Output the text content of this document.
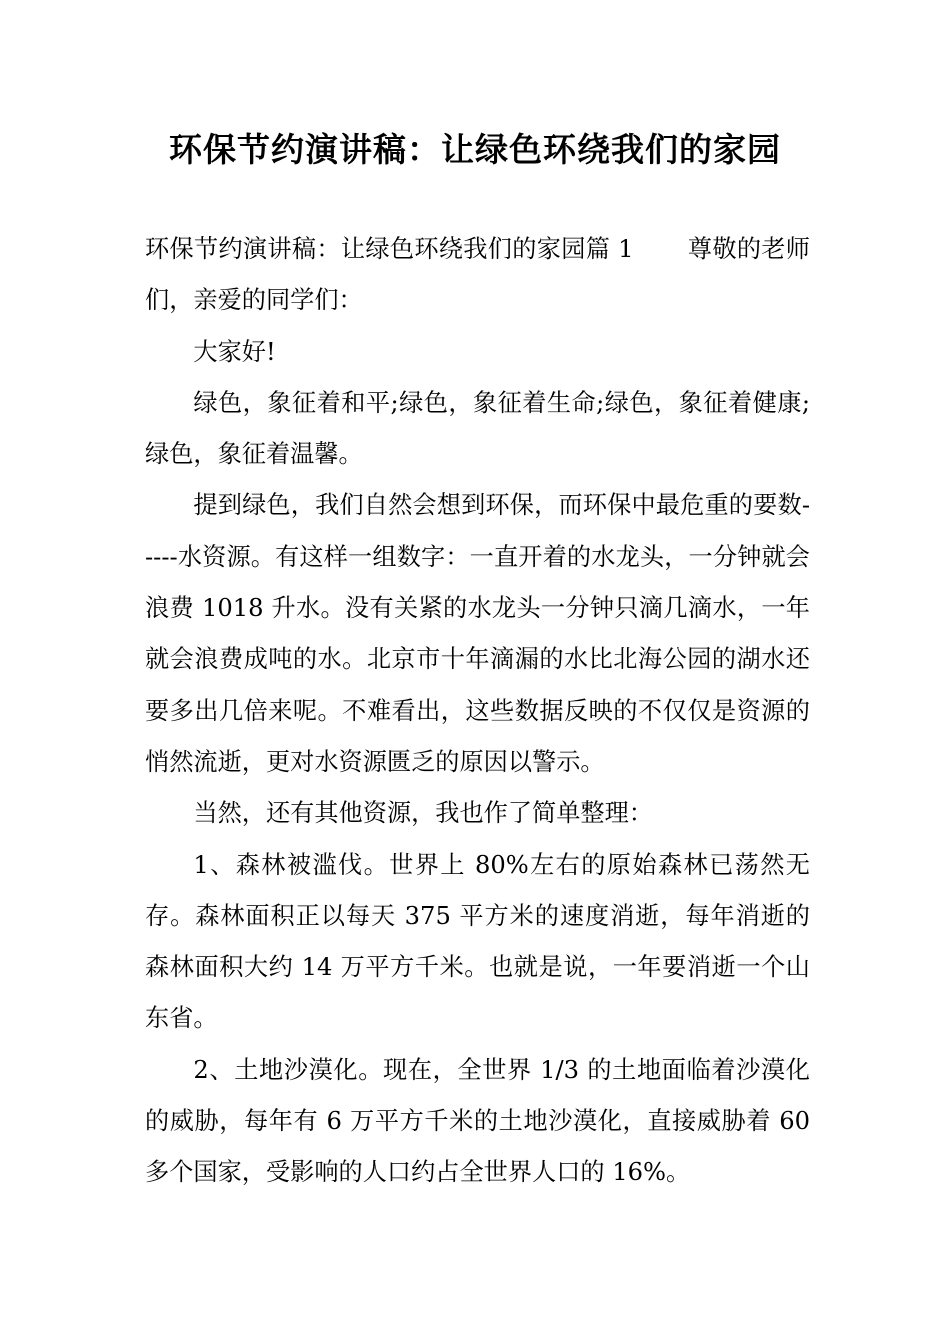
环保节约演讲稿：让绿色环绕我们的家园

环保节约演讲稿：让绿色环绕我们的家园篇 1 尊敬的老师们，亲爱的同学们：

大家好!

绿色，象征着和平;绿色，象征着生命;绿色，象征着健康;绿色，象征着温馨。

提到绿色，我们自然会想到环保，而环保中最危重的要数-----水资源。有这样一组数字：一直开着的水龙头，一分钟就会浪费 1018 升水。没有关紧的水龙头一分钟只滴几滴水，一年就会浪费成吨的水。北京市十年滴漏的水比北海公园的湖水还要多出几倍来呢。不难看出，这些数据反映的不仅仅是资源的悄然流逝，更对水资源匮乏的原因以警示。

当然，还有其他资源，我也作了简单整理：

1、森林被滥伐。世界上 80%左右的原始森林已荡然无存。森林面积正以每天 375 平方米的速度消逝，每年消逝的森林面积大约 14 万平方千米。也就是说，一年要消逝一个山东省。

2、土地沙漠化。现在，全世界 1/3 的土地面临着沙漠化的威胁，每年有 6 万平方千米的土地沙漠化，直接威胁着 60 多个国家，受影响的人口约占全世界人口的 16%。
